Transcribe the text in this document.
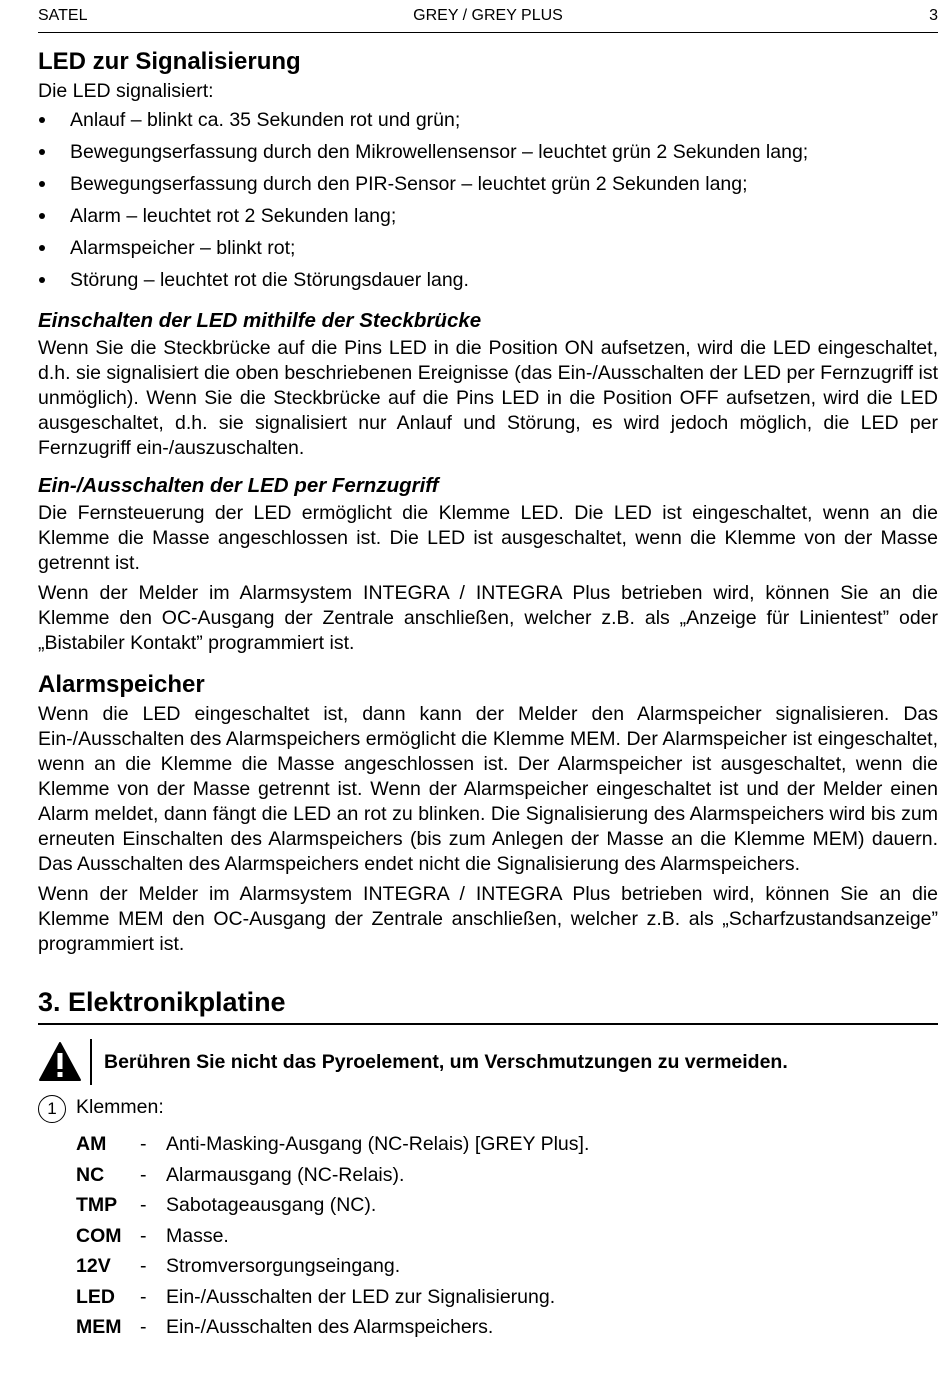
SATEL	GREY / GREY PLUS	3
LED zur Signalisierung

Die LED signalisiert:

Anlauf – blinkt ca. 35 Sekunden rot und grün;
Bewegungserfassung durch den Mikrowellensensor – leuchtet grün 2 Sekunden lang;
Bewegungserfassung durch den PIR-Sensor – leuchtet grün 2 Sekunden lang;
Alarm – leuchtet rot 2 Sekunden lang;
Alarmspeicher – blinkt rot;
Störung – leuchtet rot die Störungsdauer lang.
Einschalten der LED mithilfe der Steckbrücke

Wenn Sie die Steckbrücke auf die Pins LED in die Position ON aufsetzen, wird die LED eingeschaltet, d.h. sie signalisiert die oben beschriebenen Ereignisse (das Ein-/Ausschalten der LED per Fernzugriff ist unmöglich). Wenn Sie die Steckbrücke auf die Pins LED in die Position OFF aufsetzen, wird die LED ausgeschaltet, d.h. sie signalisiert nur Anlauf und Störung, es wird jedoch möglich, die LED per Fernzugriff ein-/auszuschalten.

Ein-/Ausschalten der LED per Fernzugriff

Die Fernsteuerung der LED ermöglicht die Klemme LED. Die LED ist eingeschaltet, wenn an die Klemme die Masse angeschlossen ist. Die LED ist ausgeschaltet, wenn die Klemme von der Masse getrennt ist.

Wenn der Melder im Alarmsystem INTEGRA / INTEGRA Plus betrieben wird, können Sie an die Klemme den OC-Ausgang der Zentrale anschließen, welcher z.B. als „Anzeige für Linientest” oder „Bistabiler Kontakt” programmiert ist.

Alarmspeicher

Wenn die LED eingeschaltet ist, dann kann der Melder den Alarmspeicher signalisieren. Das Ein-/Ausschalten des Alarmspeichers ermöglicht die Klemme MEM. Der Alarmspeicher ist eingeschaltet, wenn an die Klemme die Masse angeschlossen ist. Der Alarmspeicher ist ausgeschaltet, wenn die Klemme von der Masse getrennt ist. Wenn der Alarmspeicher eingeschaltet ist und der Melder einen Alarm meldet, dann fängt die LED an rot zu blinken. Die Signalisierung des Alarmspeichers wird bis zum erneuten Einschalten des Alarmspeichers (bis zum Anlegen der Masse an die Klemme MEM) dauern. Das Ausschalten des Alarmspeichers endet nicht die Signalisierung des Alarmspeichers.

Wenn der Melder im Alarmsystem INTEGRA / INTEGRA Plus betrieben wird, können Sie an die Klemme MEM den OC-Ausgang der Zentrale anschließen, welcher z.B. als „Scharfzustandsanzeige” programmiert ist.

3. Elektronikplatine
Berühren Sie nicht das Pyroelement, um Verschmutzungen zu vermeiden.
1 Klemmen:
AM	-	Anti-Masking-Ausgang (NC-Relais) [GREY Plus].
NC	-	Alarmausgang (NC-Relais).
TMP	-	Sabotageausgang (NC).
COM	-	Masse.
12V	-	Stromversorgungseingang.
LED	-	Ein-/Ausschalten der LED zur Signalisierung.
MEM	-	Ein-/Ausschalten des Alarmspeichers.
